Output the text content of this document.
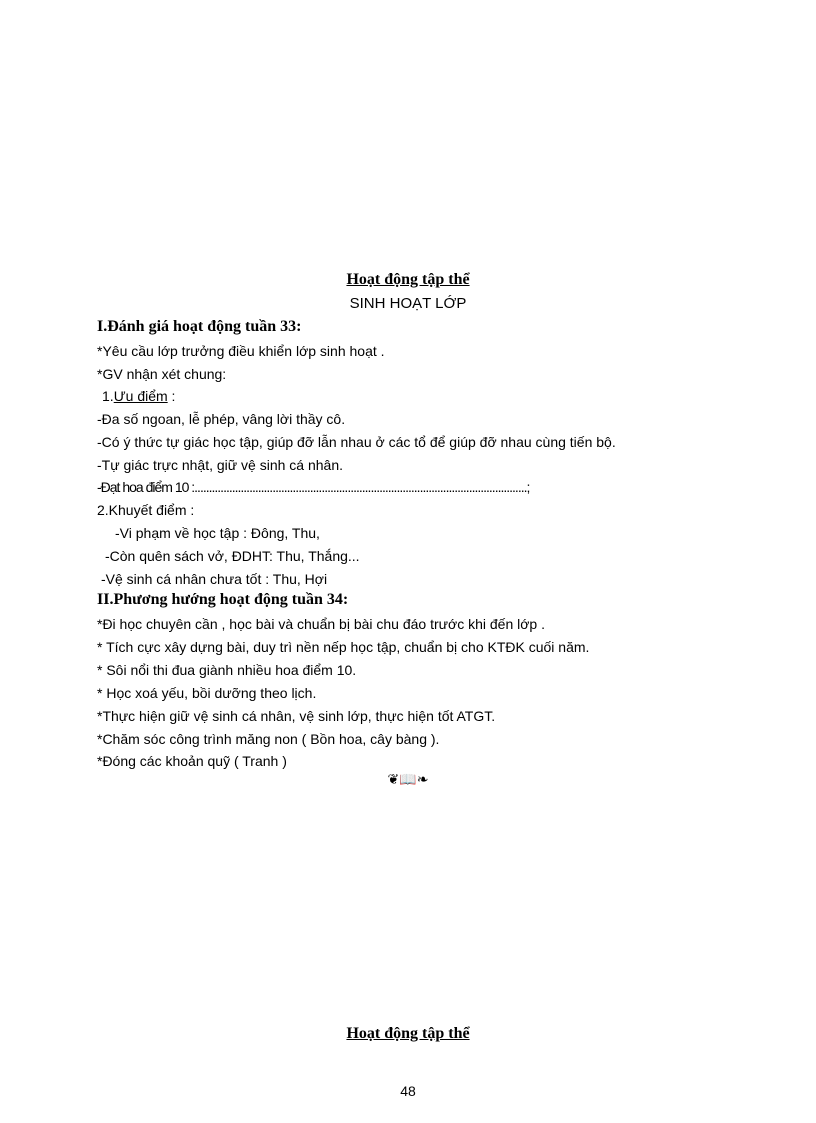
Hoạt động tập thể
SINH HOẠT LỚP
I.Đánh giá hoạt động tuần 33:
*Yêu cầu lớp trưởng điều khiển lớp sinh hoạt .
*GV nhận xét chung:
1.Ưu điểm :
-Đa số ngoan, lễ phép, vâng lời thầy cô.
-Có ý thức tự giác học tập, giúp đỡ lẫn nhau ở các tổ để giúp đỡ nhau cùng tiến bộ.
-Tự giác trực nhật, giữ vệ sinh cá nhân.
-Đạt hoa điểm 10 :...................................................................................................................;
2.Khuyết điểm :
-Vi phạm về học tập : Đông, Thu,
-Còn quên sách vở, ĐDHT: Thu, Thắng...
-Vệ sinh cá nhân chưa tốt : Thu, Hợi
II.Phương hướng hoạt động tuần 34:
*Đi học chuyên cần , học bài và chuẩn bị bài chu đáo trước khi đến lớp .
* Tích cực xây dựng bài, duy trì nền nếp học tập, chuẩn bị cho KTĐK cuối năm.
* Sôi nổi thi đua giành nhiều hoa điểm 10.
* Học xoá yếu, bồi dưỡng theo lịch.
*Thực hiện giữ vệ sinh cá nhân, vệ sinh lớp, thực hiện tốt ATGT.
*Chăm sóc công trình măng non ( Bồn hoa, cây bàng ).
*Đóng các khoản quỹ ( Tranh )
❦📖❧
Hoạt động tập thể
48
